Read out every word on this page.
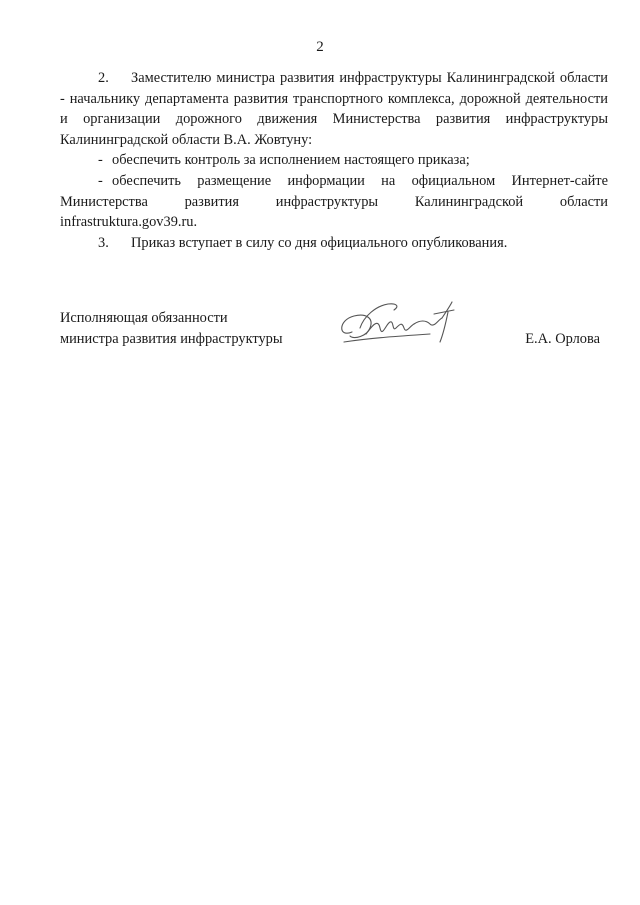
2

2. Заместителю министра развития инфраструктуры Калининградской области - начальнику департамента развития транспортного комплекса, дорожной деятельности и организации дорожного движения Министерства развития инфраструктуры Калининградской области В.А. Жовтуну:

- обеспечить контроль за исполнением настоящего приказа;

- обеспечить размещение информации на официальном Интернет-сайте Министерства развития инфраструктуры Калининградской области

infrastruktura.gov39.ru.

3. Приказ вступает в силу со дня официального опубликования.

Исполняющая обязанности
министра развития инфраструктуры	Е.А. Орлова
